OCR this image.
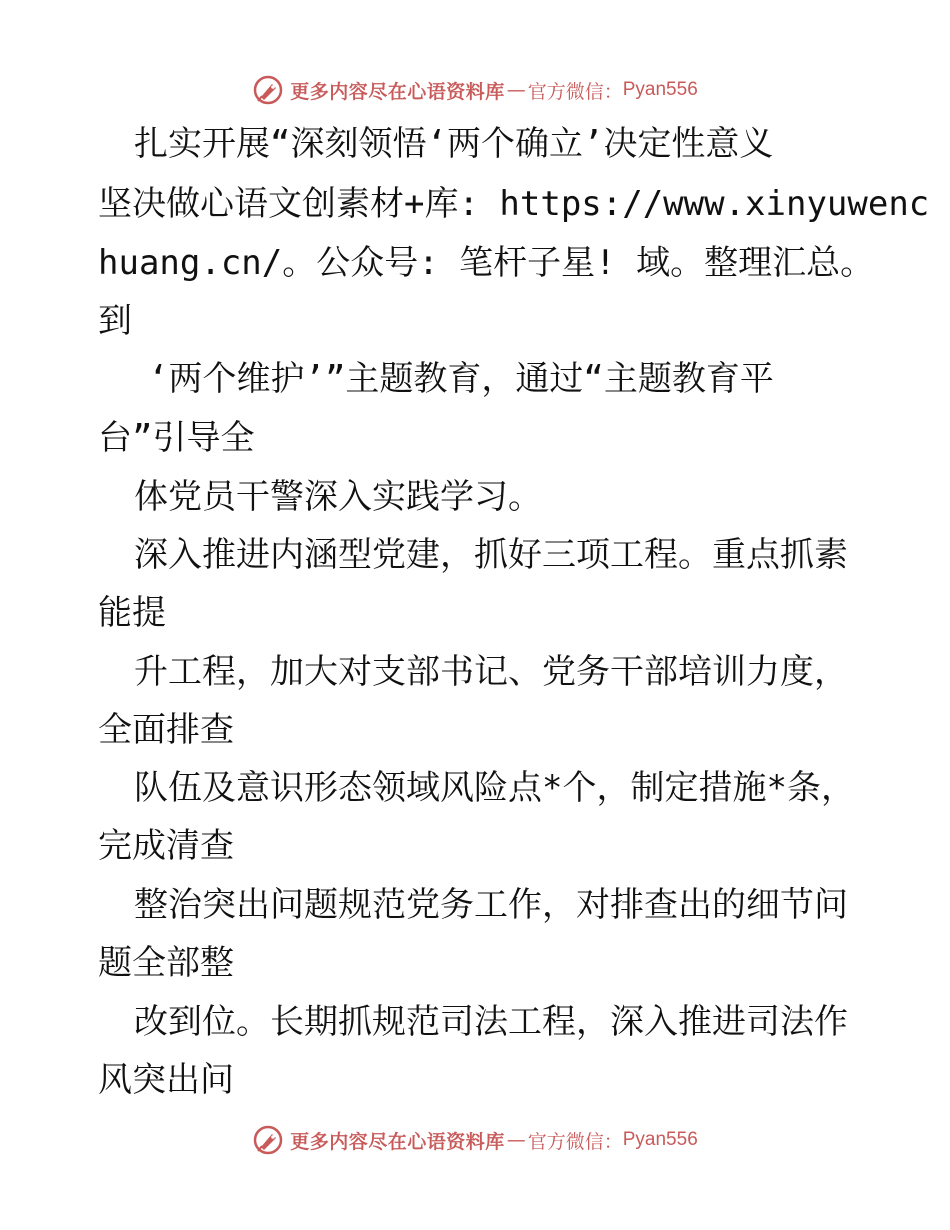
更多内容尽在心语资料库 — 官方微信： Pyan556
扎实开展“深刻领悟‘两个确立’决定性意义
坚决做心语文创素材+库: https://www.xinyuwenc
huang.cn/。公众号: 笔杆子星! 域。整理汇总。
到
‘两个维护’”主题教育，通过“主题教育平
台”引导全
体党员干警深入实践学习。
深入推进内涵型党建，抓好三项工程。重点抓素
能提
升工程，加大对支部书记、党务干部培训力度，
全面排查
队伍及意识形态领域风险点*个，制定措施*条，
完成清查
整治突出问题规范党务工作，对排查出的细节问
题全部整
改到位。长期抓规范司法工程，深入推进司法作
风突出问
更多内容尽在心语资料库 — 官方微信： Pyan556
